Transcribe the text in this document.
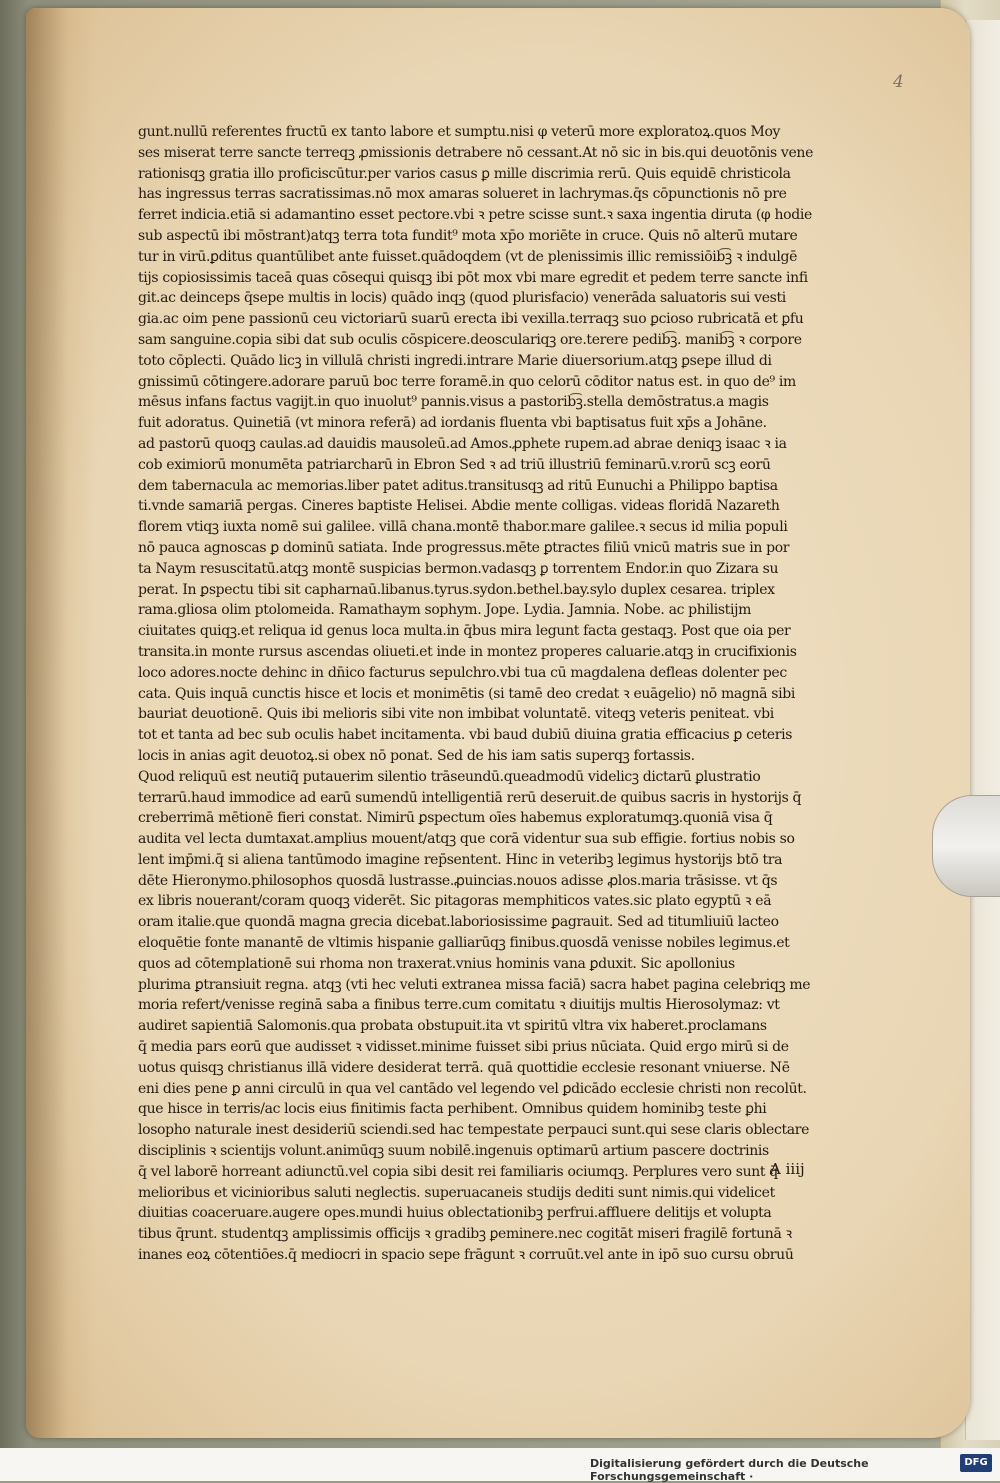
4
gunt.nullū referentes fructū ex tanto labore et sumptu.nisi φ veterū more exploratoꝝ.quos Moy
ses miserat terre sancte terreqꝫ ꝓmissionis detrabere nō cessant.At nō sic in bis.qui deuotōnis vene
rationisqꝫ gratia illo proficiscūtur.per varios casus ꝑ mille discrimia rerū. Quis equidē christicola
has ingressus terras sacratissimas.nō mox amaras solueret in lachrymas.q̄s cōpunctionis nō pre
ferret indicia.etiā si adamantino esset pectore.vbi ꝛ petre scisse sunt.ꝛ saxa ingentia diruta (φ hodie
sub aspectū ibi mōstrant)atqꝫ terra tota fundit⁹ mota xp̄o moriēte in cruce. Quis nō alterū mutare
tur in virū.ꝑditus quantūlibet ante fuisset.quādoqdem (vt de plenissimis illic remissiōib͡ꝫ ꝛ indulgē
tijs copiosissimis taceā quas cōsequi quisqꝫ ibi pōt mox vbi mare egredit et pedem terre sancte infi
git.ac deinceps q̄sepe multis in locis) quādo inqꝫ (quod plurisfacio) venerāda saluatoris sui vesti
gia.ac oim pene passionū ceu victoriarū suarū erecta ibi vexilla.terraqꝫ suo ꝑcioso rubricatā et ꝑfu
sam sanguine.copia sibi dat sub oculis cōspicere.deosculariqꝫ ore.terere pedib͡ꝫ. manib͡ꝫ ꝛ corpore
toto cōplecti. Quādo licꝫ in villulā christi ingredi.intrare Marie diuersorium.atqꝫ ꝑsepe illud di
gnissimū cōtingere.adorare paruū boc terre foramē.in quo celorū cōditor natus est. in quo de⁹ im
mēsus infans factus vagijt.in quo inuolut⁹ pannis.visus a pastorib͡ꝫ.stella demōstratus.a magis
fuit adoratus. Quinetiā (vt minora referā) ad iordanis fluenta vbi baptisatus fuit xp̄s a Johāne.
ad pastorū quoqꝫ caulas.ad dauidis mausoleū.ad Amos.ꝓphete rupem.ad abrae deniqꝫ isaac ꝛ ia
cob eximiorū monumēta patriarcharū in Ebron Sed ꝛ ad triū illustriū feminarū.v.rorū scꝫ eorū
dem tabernacula ac memorias.liber patet aditus.transitusqꝫ ad ritū Eunuchi a Philippo baptisa
ti.vnde samariā pergas. Cineres baptiste Helisei. Abdie mente colligas. videas floridā Nazareth
florem vtiqꝫ iuxta nomē sui galilee. villā chana.montē thabor.mare galilee.ꝛ secus id milia populi
nō pauca agnoscas ꝑ dominū satiata. Inde progressus.mēte ꝑtractes filiū vnicū matris sue in por
ta Naym resuscitatū.atqꝫ montē suspicias bermon.vadasqꝫ ꝑ torrentem Endor.in quo Zizara su
perat. In ꝑspectu tibi sit capharnaū.libanus.tyrus.sydon.bethel.bay.sylo duplex cesarea. triplex
rama.gliosa olim ptolomeida. Ramathaym sophym. Jope. Lydia. Jamnia. Nobe. ac philistijm
ciuitates quiqꝫ.et reliqua id genus loca multa.in q̄bus mira legunt facta gestaqꝫ. Post que oia per
transita.in monte rursus ascendas oliueti.et inde in montez properes caluarie.atqꝫ in crucifixionis
loco adores.nocte dehinc in dn̄ico facturus sepulchro.vbi tua cū magdalena defleas dolenter pec
cata. Quis inquā cunctis hisce et locis et monimētis (si tamē deo credat ꝛ euāgelio) nō magnā sibi
bauriat deuotionē. Quis ibi melioris sibi vite non imbibat voluntatē. viteqꝫ veteris peniteat. vbi
tot et tanta ad bec sub oculis habet incitamenta. vbi baud dubiū diuina gratia efficacius ꝑ ceteris
locis in anias agit deuotoꝝ.si obex nō ponat. Sed de his iam satis superqꝫ fortassis.
Quod reliquū est neutiq̄ putauerim silentio trāseundū.queadmodū videlicꝫ dictarū ꝑlustratio
terrarū.haud immodice ad earū sumendū intelligentiā rerū deseruit.de quibus sacris in hystorijs q̄
creberrimā mētionē fieri constat. Nimirū ꝑspectum oīes habemus exploratumqꝫ.quoniā visa q̄
audita vel lecta dumtaxat.amplius mouent/atqꝫ que corā videntur sua sub effigie. fortius nobis so
lent imp̄mi.q̄ si aliena tantūmodo imagine rep̄sentent. Hinc in veteribꝫ legimus hystorijs btō tra
dēte Hieronymo.philosophos quosdā lustrasse.ꝓuincias.nouos adisse ꝓlos.maria trāsisse. vt q̄s
ex libris nouerant/coram quoqꝫ viderēt. Sic pitagoras memphiticos vates.sic plato egyptū ꝛ eā
oram italie.que quondā magna grecia dicebat.laboriosissime ꝑagrauit. Sed ad titumliuiū lacteo
eloquētie fonte manantē de vltimis hispanie galliarūqꝫ finibus.quosdā venisse nobiles legimus.et
quos ad cōtemplationē sui rhoma non traxerat.vnius hominis vana ꝑduxit. Sic apollonius
plurima ꝑtransiuit regna. atqꝫ (vti hec veluti extranea missa faciā) sacra habet pagina celebriqꝫ me
moria refert/venisse reginā saba a finibus terre.cum comitatu ꝛ diuitijs multis Hierosolymaz: vt
audiret sapientiā Salomonis.qua probata obstupuit.ita vt spiritū vltra vix haberet.proclamans
q̄ media pars eorū que audisset ꝛ vidisset.minime fuisset sibi prius nūciata. Quid ergo mirū si de
uotus quisqꝫ christianus illā videre desiderat terrā. quā quottidie ecclesie resonant vniuerse. Nē
eni dies pene ꝑ anni circulū in qua vel cantādo vel legendo vel ꝑdicādo ecclesie christi non recolūt.
que hisce in terris/ac locis eius finitimis facta perhibent. Omnibus quidem hominibꝫ teste ꝑhi
losopho naturale inest desideriū sciendi.sed hac tempestate perpauci sunt.qui sese claris oblectare
disciplinis ꝛ scientijs volunt.animūqꝫ suum nobilē.ingenuis optimarū artium pascere doctrinis
q̄ vel laborē horreant adiunctū.vel copia sibi desit rei familiaris ociumqꝫ. Perplures vero sunt q̄
melioribus et vicinioribus saluti neglectis. superuacaneis studijs dediti sunt nimis.qui videlicet
diuitias coaceruare.augere opes.mundi huius oblectationibꝫ perfrui.affluere delitijs et volupta
tibus q̄runt. studentqꝫ amplissimis officijs ꝛ gradibꝫ ꝑeminere.nec cogitāt miseri fragilē fortunā ꝛ
inanes eoꝝ cōtentiōes.q̄ mediocri in spacio sepe frāgunt ꝛ corruūt.vel ante in ipō suo cursu obruū
A iiij
Digitalisierung gefördert durch die Deutsche Forschungsgemeinschaft ·
DFG
